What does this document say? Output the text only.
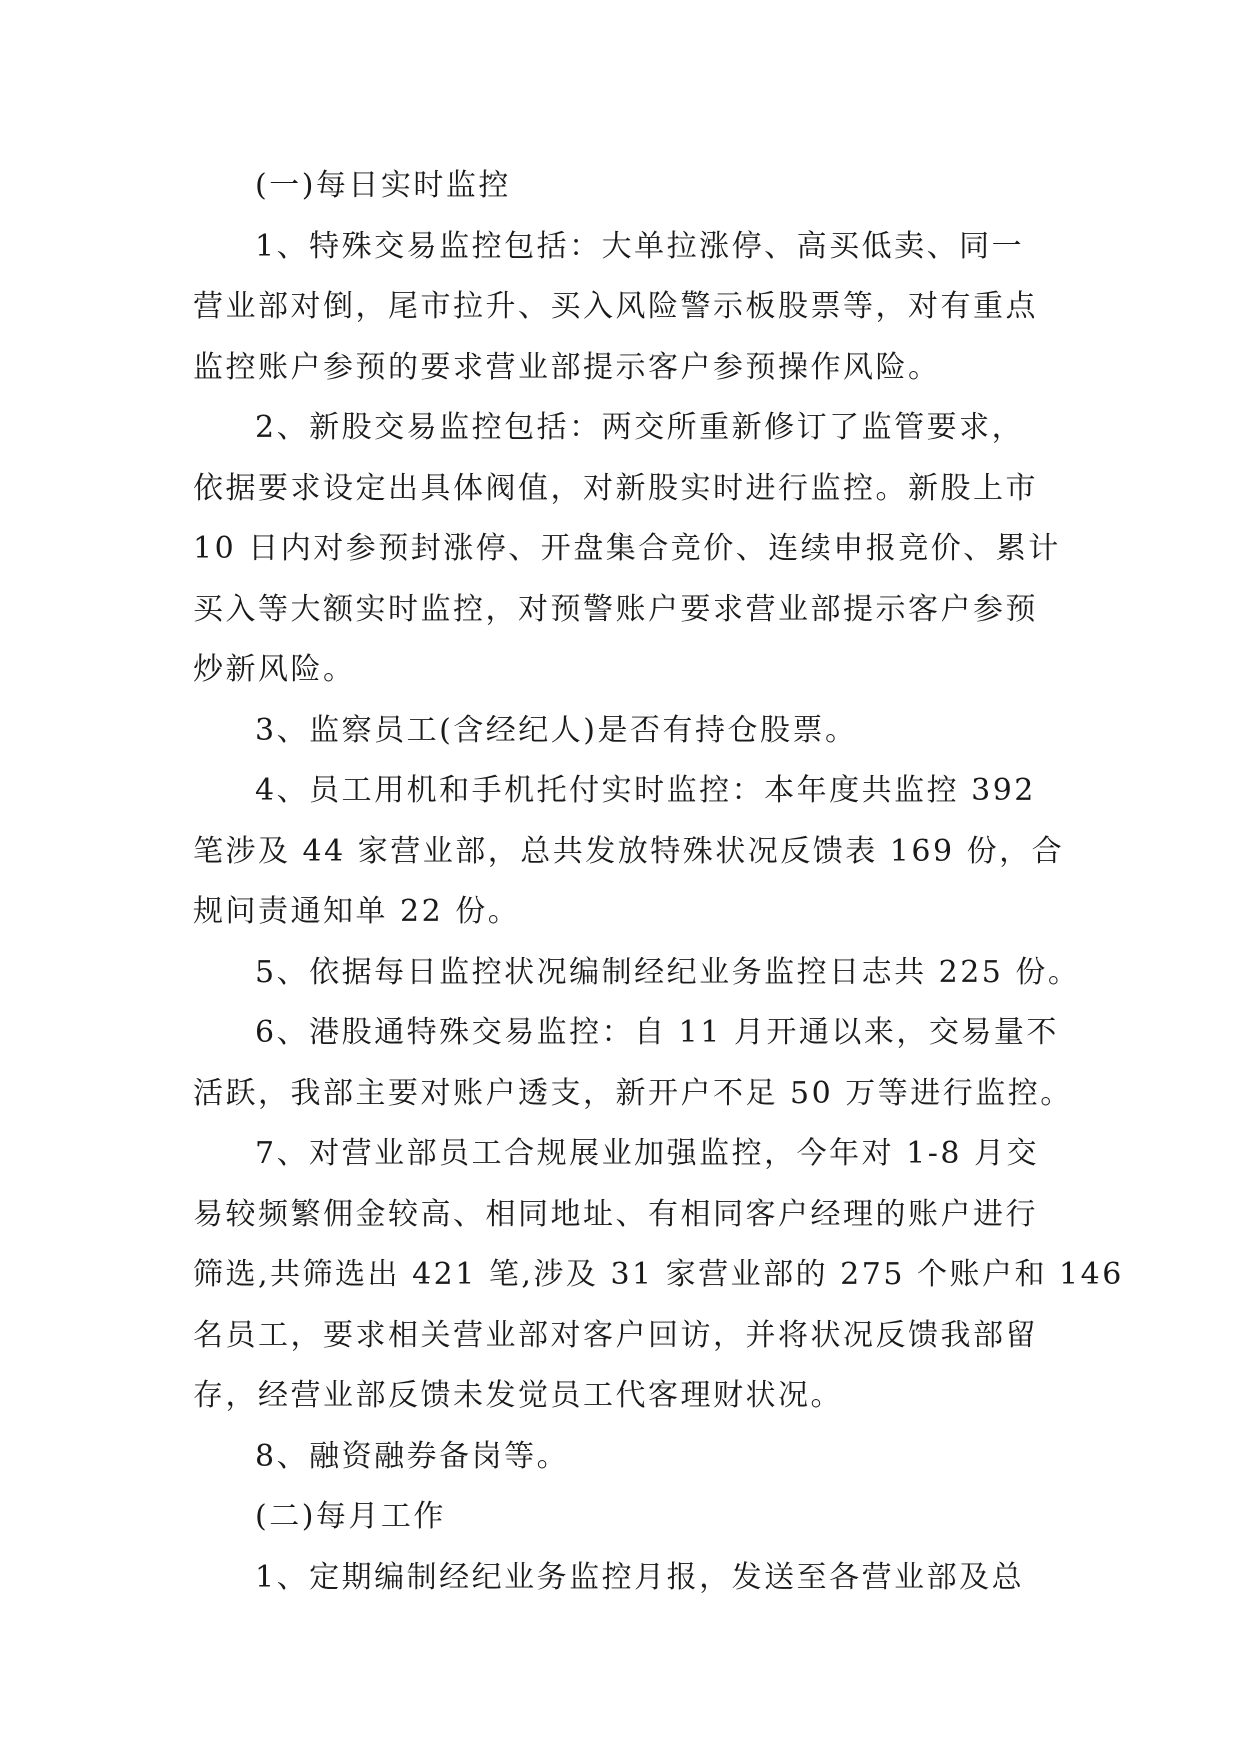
(一)每日实时监控
1、特殊交易监控包括：大单拉涨停、高买低卖、同一
营业部对倒，尾市拉升、买入风险警示板股票等，对有重点
监控账户参预的要求营业部提示客户参预操作风险。
2、新股交易监控包括：两交所重新修订了监管要求，
依据要求设定出具体阀值，对新股实时进行监控。新股上市
10 日内对参预封涨停、开盘集合竞价、连续申报竞价、累计
买入等大额实时监控，对预警账户要求营业部提示客户参预
炒新风险。
3、监察员工(含经纪人)是否有持仓股票。
4、员工用机和手机托付实时监控：本年度共监控 392
笔涉及 44 家营业部，总共发放特殊状况反馈表 169 份，合
规问责通知单 22 份。
5、依据每日监控状况编制经纪业务监控日志共 225 份。
6、港股通特殊交易监控：自 11 月开通以来，交易量不
活跃，我部主要对账户透支，新开户不足 50 万等进行监控。
7、对营业部员工合规展业加强监控，今年对 1-8 月交
易较频繁佣金较高、相同地址、有相同客户经理的账户进行
筛选,共筛选出 421 笔,涉及 31 家营业部的 275 个账户和 146
名员工，要求相关营业部对客户回访，并将状况反馈我部留
存，经营业部反馈未发觉员工代客理财状况。
8、融资融券备岗等。
(二)每月工作
1、定期编制经纪业务监控月报，发送至各营业部及总
